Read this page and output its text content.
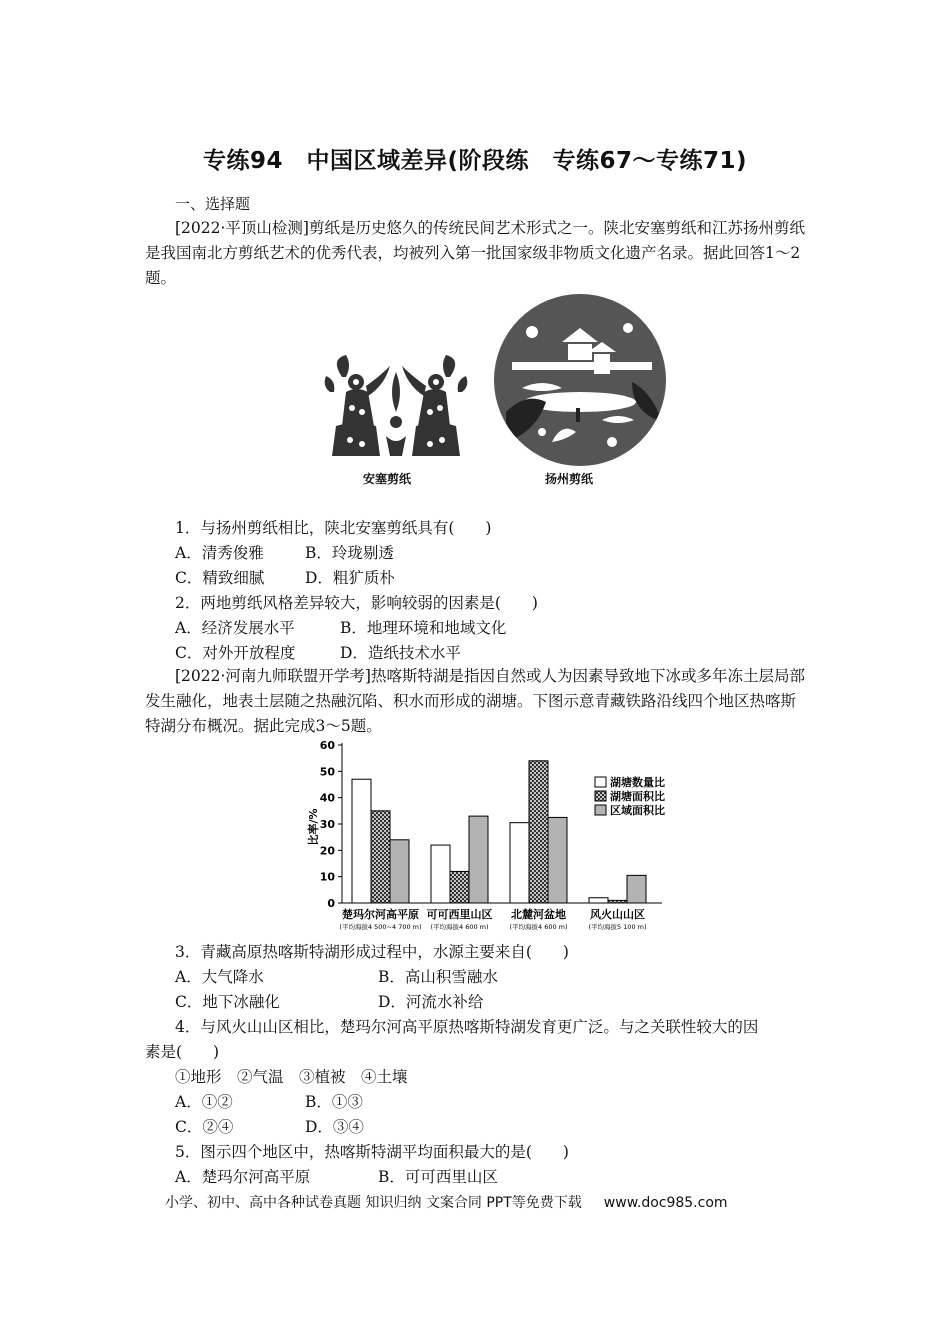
专练94　中国区域差异(阶段练　专练67～专练71)
一、选择题
[2022·平顶山检测]剪纸是历史悠久的传统民间艺术形式之一。陕北安塞剪纸和江苏扬州剪纸是我国南北方剪纸艺术的优秀代表，均被列入第一批国家级非物质文化遗产名录。据此回答1～2题。
安塞剪纸	扬州剪纸
1．与扬州剪纸相比，陕北安塞剪纸具有(　　)
A．清秀俊雅	B．玲珑剔透
C．精致细腻	D．粗犷质朴
2．两地剪纸风格差异较大，影响较弱的因素是(　　)
A．经济发展水平	B．地理环境和地域文化
C．对外开放程度	D．造纸技术水平
[2022·河南九师联盟开学考]热喀斯特湖是指因自然或人为因素导致地下冰或多年冻土层局部发生融化，地表土层随之热融沉陷、积水而形成的湖塘。下图示意青藏铁路沿线四个地区热喀斯特湖分布概况。据此完成3～5题。
0
10
20
30
40
50
60
比率/%
楚玛尔河高平原
(平均海拔4 500~4 700 m)
可可西里山区
(平均海拔4 600 m)
北麓河盆地
(平均海拔4 600 m)
风火山山区
(平均海拔5 100 m)
湖塘数量比
湖塘面积比
区域面积比
3．青藏高原热喀斯特湖形成过程中，水源主要来自(　　)
A．大气降水	B．高山积雪融水
C．地下冰融化	D．河流水补给
4．与风火山山区相比，楚玛尔河高平原热喀斯特湖发育更广泛。与之关联性较大的因
素是(　　)
①地形　②气温　③植被　④土壤
A．①②	B．①③
C．②④	D．③④
5．图示四个地区中，热喀斯特湖平均面积最大的是(　　)
A．楚玛尔河高平原	B．可可西里山区
小学、初中、高中各种试卷真题 知识归纳 文案合同 PPT等免费下载 www.doc985.com
